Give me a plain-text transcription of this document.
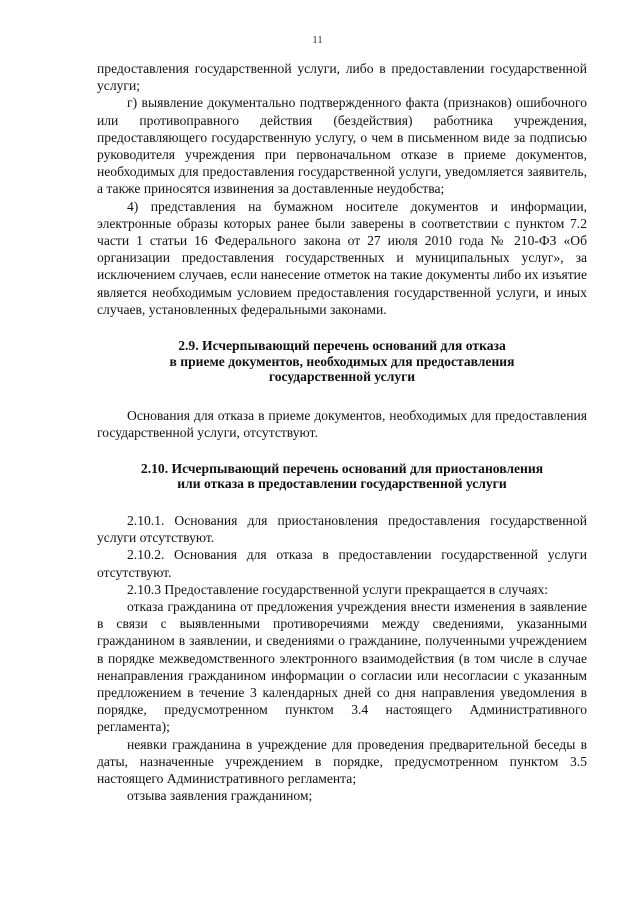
11

предоставления государственной услуги, либо в предоставлении государственной услуги;

г) выявление документально подтвержденного факта (признаков) ошибочного или противоправного действия (бездействия) работника учреждения, предоставляющего государственную услугу, о чем в письменном виде за подписью руководителя учреждения при первоначальном отказе в приеме документов, необходимых для предоставления государственной услуги, уведомляется заявитель, а также приносятся извинения за доставленные неудобства;

4) представления на бумажном носителе документов и информации, электронные образы которых ранее были заверены в соответствии с пунктом 7.2 части 1 статьи 16 Федерального закона от 27 июля 2010 года № 210-ФЗ «Об организации предоставления государственных и муниципальных услуг», за исключением случаев, если нанесение отметок на такие документы либо их изъятие является необходимым условием предоставления государственной услуги, и иных случаев, установленных федеральными законами.

2.9. Исчерпывающий перечень оснований для отказа
в приеме документов, необходимых для предоставления
государственной услуги

Основания для отказа в приеме документов, необходимых для предоставления государственной услуги, отсутствуют.

2.10. Исчерпывающий перечень оснований для приостановления
или отказа в предоставлении государственной услуги

2.10.1. Основания для приостановления предоставления государственной услуги отсутствуют.

2.10.2. Основания для отказа в предоставлении государственной услуги отсутствуют.

2.10.3 Предоставление государственной услуги прекращается в случаях:

отказа гражданина от предложения учреждения внести изменения в заявление в связи с выявленными противоречиями между сведениями, указанными гражданином в заявлении, и сведениями о гражданине, полученными учреждением в порядке межведомственного электронного взаимодействия (в том числе в случае ненаправления гражданином информации о согласии или несогласии с указанным предложением в течение 3 календарных дней со дня направления уведомления в порядке, предусмотренном пунктом 3.4 настоящего Административного регламента);

неявки гражданина в учреждение для проведения предварительной беседы в даты, назначенные учреждением в порядке, предусмотренном пунктом 3.5 настоящего Административного регламента;

отзыва заявления гражданином;
